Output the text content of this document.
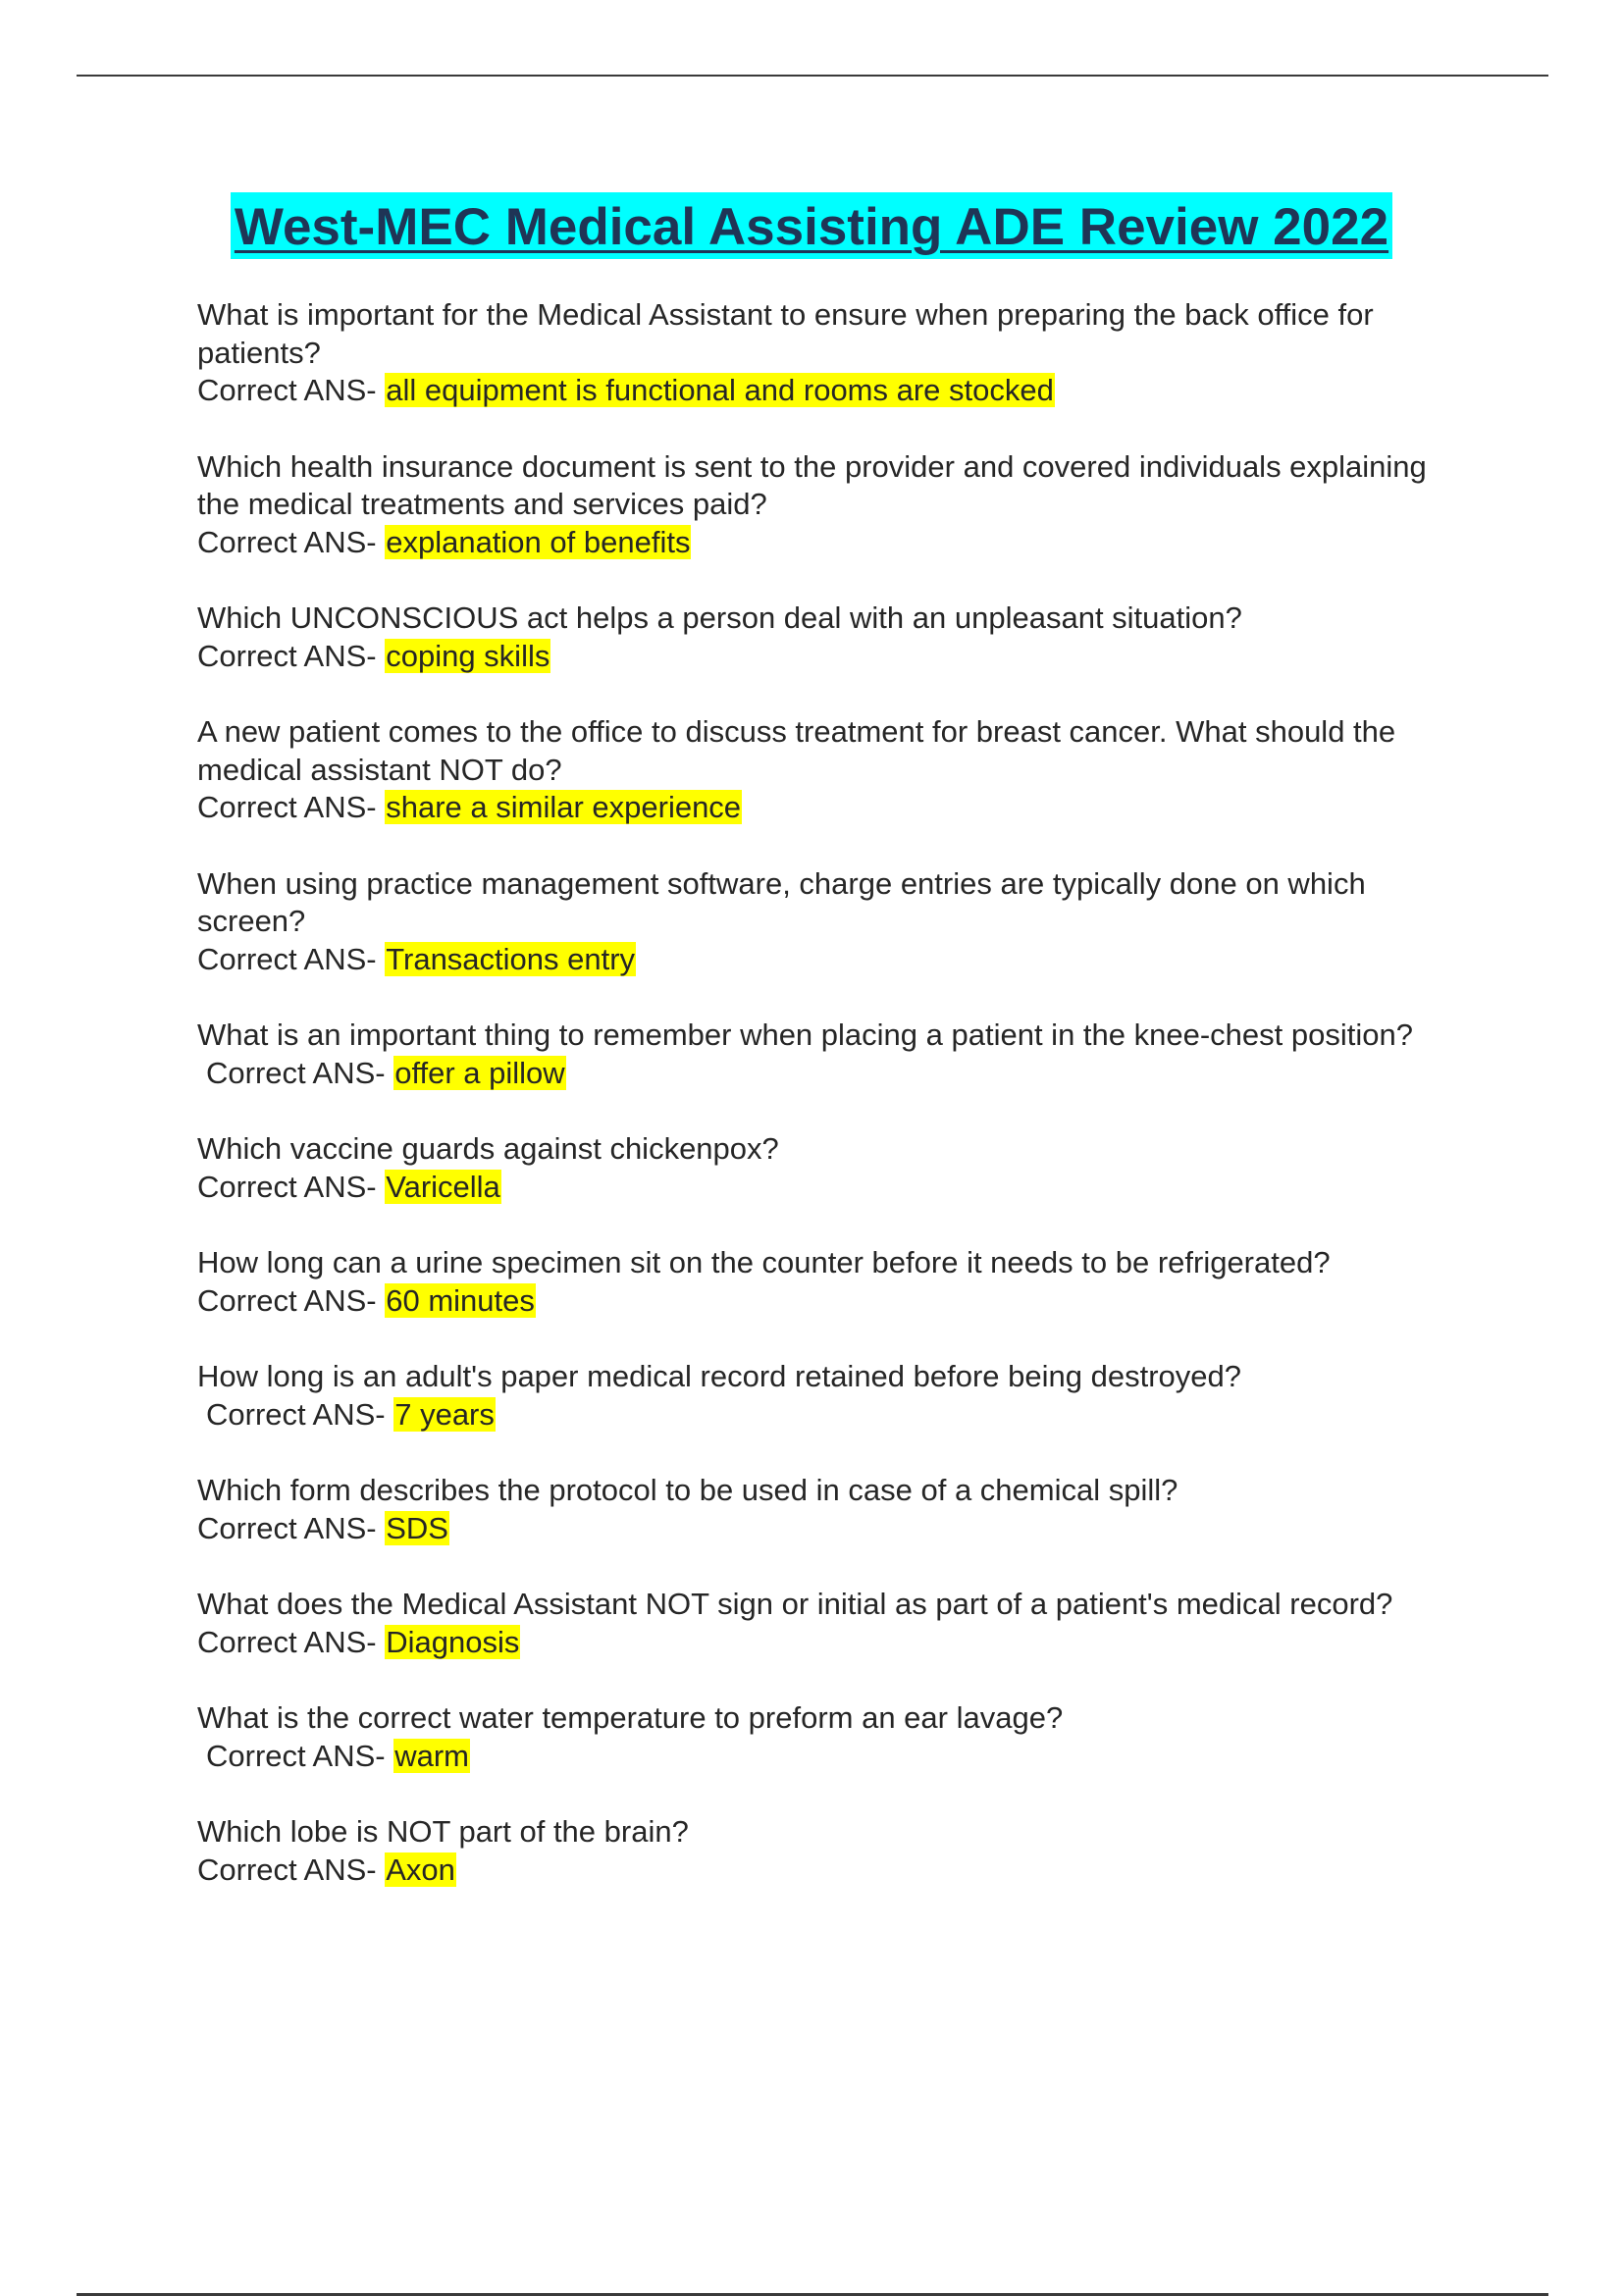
West-MEC Medical Assisting ADE Review 2022
What is important for the Medical Assistant to ensure when preparing the back office for patients?
Correct ANS- all equipment is functional and rooms are stocked
Which health insurance document is sent to the provider and covered individuals explaining the medical treatments and services paid?
Correct ANS- explanation of benefits
Which UNCONSCIOUS act helps a person deal with an unpleasant situation?
Correct ANS- coping skills
A new patient comes to the office to discuss treatment for breast cancer. What should the medical assistant NOT do?
Correct ANS- share a similar experience
When using practice management software, charge entries are typically done on which screen?
Correct ANS- Transactions entry
What is an important thing to remember when placing a patient in the knee-chest position?
Correct ANS- offer a pillow
Which vaccine guards against chickenpox?
Correct ANS- Varicella
How long can a urine specimen sit on the counter before it needs to be refrigerated?
Correct ANS- 60 minutes
How long is an adult's paper medical record retained before being destroyed?
Correct ANS- 7 years
Which form describes the protocol to be used in case of a chemical spill?
Correct ANS- SDS
What does the Medical Assistant NOT sign or initial as part of a patient's medical record?
Correct ANS- Diagnosis
What is the correct water temperature to preform an ear lavage?
Correct ANS- warm
Which lobe is NOT part of the brain?
Correct ANS- Axon
